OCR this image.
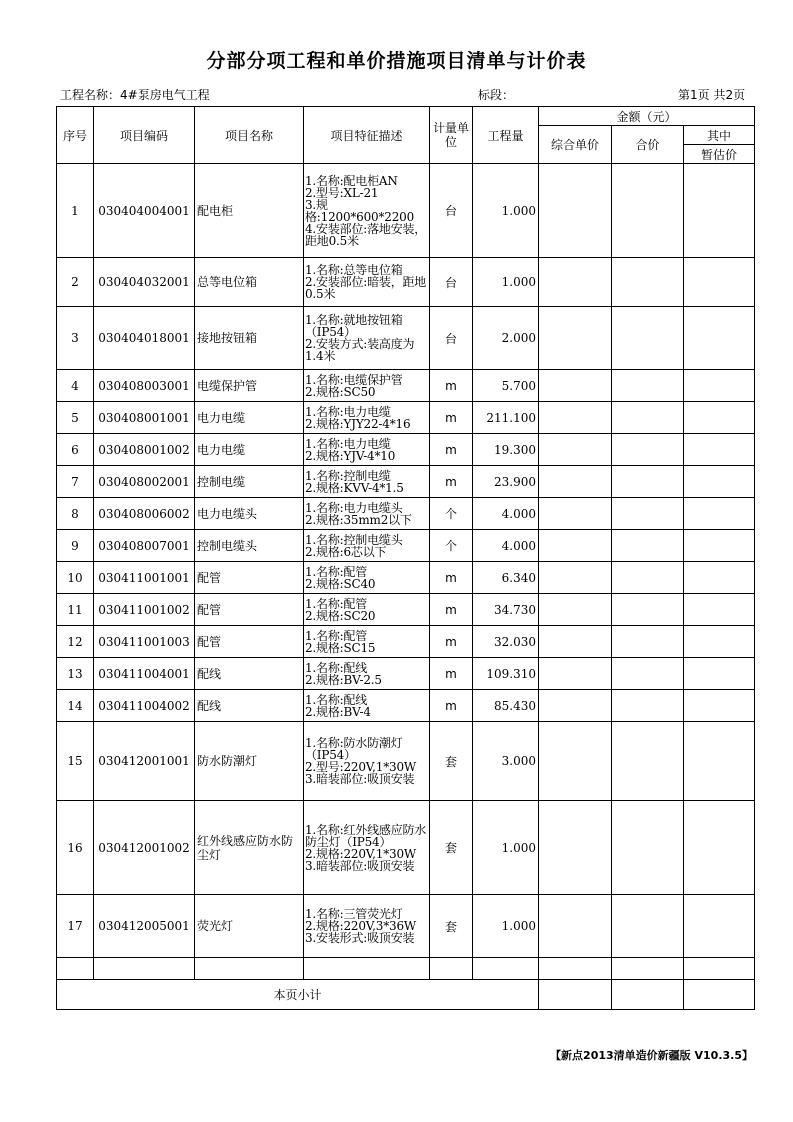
分部分项工程和单价措施项目清单与计价表
工程名称：4#泵房电气工程	标段：	第1页 共2页
序号	项目编码	项目名称	项目特征描述	计量单位	工程量	金额（元）		
						综合单价	合价	其中
								暂估价
1	030404004001	配电柜	1.名称:配电柜AN
2.型号:XL-21
3.规格:1200*600*2200
4.安装部位:落地安装，距地0.5米	台	1.000			
2	030404032001	总等电位箱	1.名称:总等电位箱
2.安装部位:暗装，距地0.5米	台	1.000			
3	030404018001	接地按钮箱	1.名称:就地按钮箱（IP54）
2.安装方式:装高度为1.4米	台	2.000			
4	030408003001	电缆保护管	1.名称:电缆保护管
2.规格:SC50	m	5.700			
5	030408001001	电力电缆	1.名称:电力电缆
2.规格:YJY22-4*16	m	211.100			
6	030408001002	电力电缆	1.名称:电力电缆
2.规格:YJV-4*10	m	19.300			
7	030408002001	控制电缆	1.名称:控制电缆
2.规格:KVV-4*1.5	m	23.900			
8	030408006002	电力电缆头	1.名称:电力电缆头
2.规格:35mm2以下	个	4.000			
9	030408007001	控制电缆头	1.名称:控制电缆头
2.规格:6芯以下	个	4.000			
10	030411001001	配管	1.名称:配管
2.规格:SC40	m	6.340			
11	030411001002	配管	1.名称:配管
2.规格:SC20	m	34.730			
12	030411001003	配管	1.名称:配管
2.规格:SC15	m	32.030			
13	030411004001	配线	1.名称:配线
2.规格:BV-2.5	m	109.310			
14	030411004002	配线	1.名称:配线
2.规格:BV-4	m	85.430			
15	030412001001	防水防潮灯	1.名称:防水防潮灯（IP54）
2.型号:220V,1*30W
3.暗装部位:吸顶安装	套	3.000			
16	030412001002	红外线感应防水防尘灯	1.名称:红外线感应防水防尘灯（IP54）
2.规格:220V,1*30W
3.暗装部位:吸顶安装	套	1.000			
17	030412005001	荧光灯	1.名称:三管荧光灯
2.规格:220V,3*36W
3.安装形式:吸顶安装	套	1.000			

本页小计								
【新点2013清单造价新疆版 V10.3.5】
